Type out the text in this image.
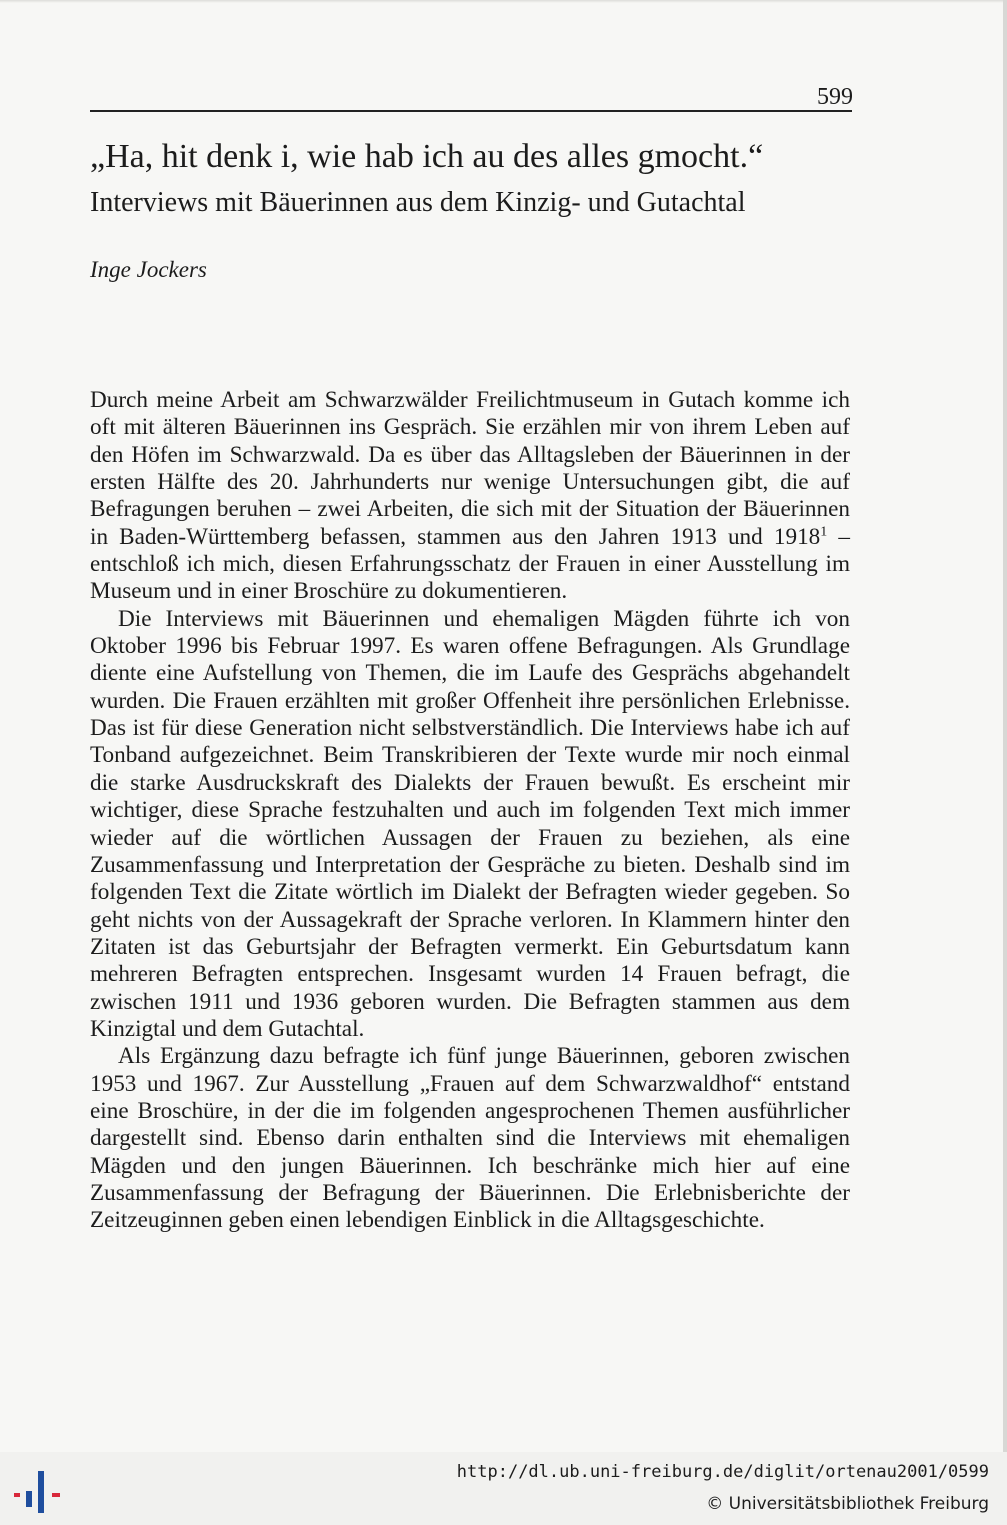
599
„Ha, hit denk i, wie hab ich au des alles gmocht.“
Interviews mit Bäuerinnen aus dem Kinzig- und Gutachtal
Inge Jockers

Durch meine Arbeit am Schwarzwälder Freilichtmuseum in Gutach komme ich oft mit älteren Bäuerinnen ins Gespräch. Sie erzählen mir von ihrem Leben auf den Höfen im Schwarzwald. Da es über das Alltagsleben der Bäuerinnen in der ersten Hälfte des 20. Jahrhunderts nur wenige Untersuchungen gibt, die auf Befragungen beruhen – zwei Arbeiten, die sich mit der Situation der Bäuerinnen in Baden-Württemberg befassen, stammen aus den Jahren 1913 und 1918$^1$ – entschloß ich mich, diesen Erfahrungsschatz der Frauen in einer Ausstellung im Museum und in einer Broschüre zu dokumentieren.

Die Interviews mit Bäuerinnen und ehemaligen Mägden führte ich von Oktober 1996 bis Februar 1997. Es waren offene Befragungen. Als Grundlage diente eine Aufstellung von Themen, die im Laufe des Gesprächs abgehandelt wurden. Die Frauen erzählten mit großer Offenheit ihre persönlichen Erlebnisse. Das ist für diese Generation nicht selbstverständlich. Die Interviews habe ich auf Tonband aufgezeichnet. Beim Transkribieren der Texte wurde mir noch einmal die starke Ausdruckskraft des Dialekts der Frauen bewußt. Es erscheint mir wichtiger, diese Sprache festzuhalten und auch im folgenden Text mich immer wieder auf die wörtlichen Aussagen der Frauen zu beziehen, als eine Zusammenfassung und Interpretation der Gespräche zu bieten. Deshalb sind im folgenden Text die Zitate wörtlich im Dialekt der Befragten wieder gegeben. So geht nichts von der Aussagekraft der Sprache verloren. In Klammern hinter den Zitaten ist das Geburtsjahr der Befragten vermerkt. Ein Geburtsdatum kann mehreren Befragten entsprechen. Insgesamt wurden 14 Frauen befragt, die zwischen 1911 und 1936 geboren wurden. Die Befragten stammen aus dem Kinzigtal und dem Gutachtal.

Als Ergänzung dazu befragte ich fünf junge Bäuerinnen, geboren zwischen 1953 und 1967. Zur Ausstellung „Frauen auf dem Schwarzwaldhof“ entstand eine Broschüre, in der die im folgenden angesprochenen Themen ausführlicher dargestellt sind. Ebenso darin enthalten sind die Interviews mit ehemaligen Mägden und den jungen Bäuerinnen. Ich beschränke mich hier auf eine Zusammenfassung der Befragung der Bäuerinnen. Die Erlebnisberichte der Zeitzeuginnen geben einen lebendigen Einblick in die Alltagsgeschichte.

http://dl.ub.uni-freiburg.de/diglit/ortenau2001/0599
© Universitätsbibliothek Freiburg
